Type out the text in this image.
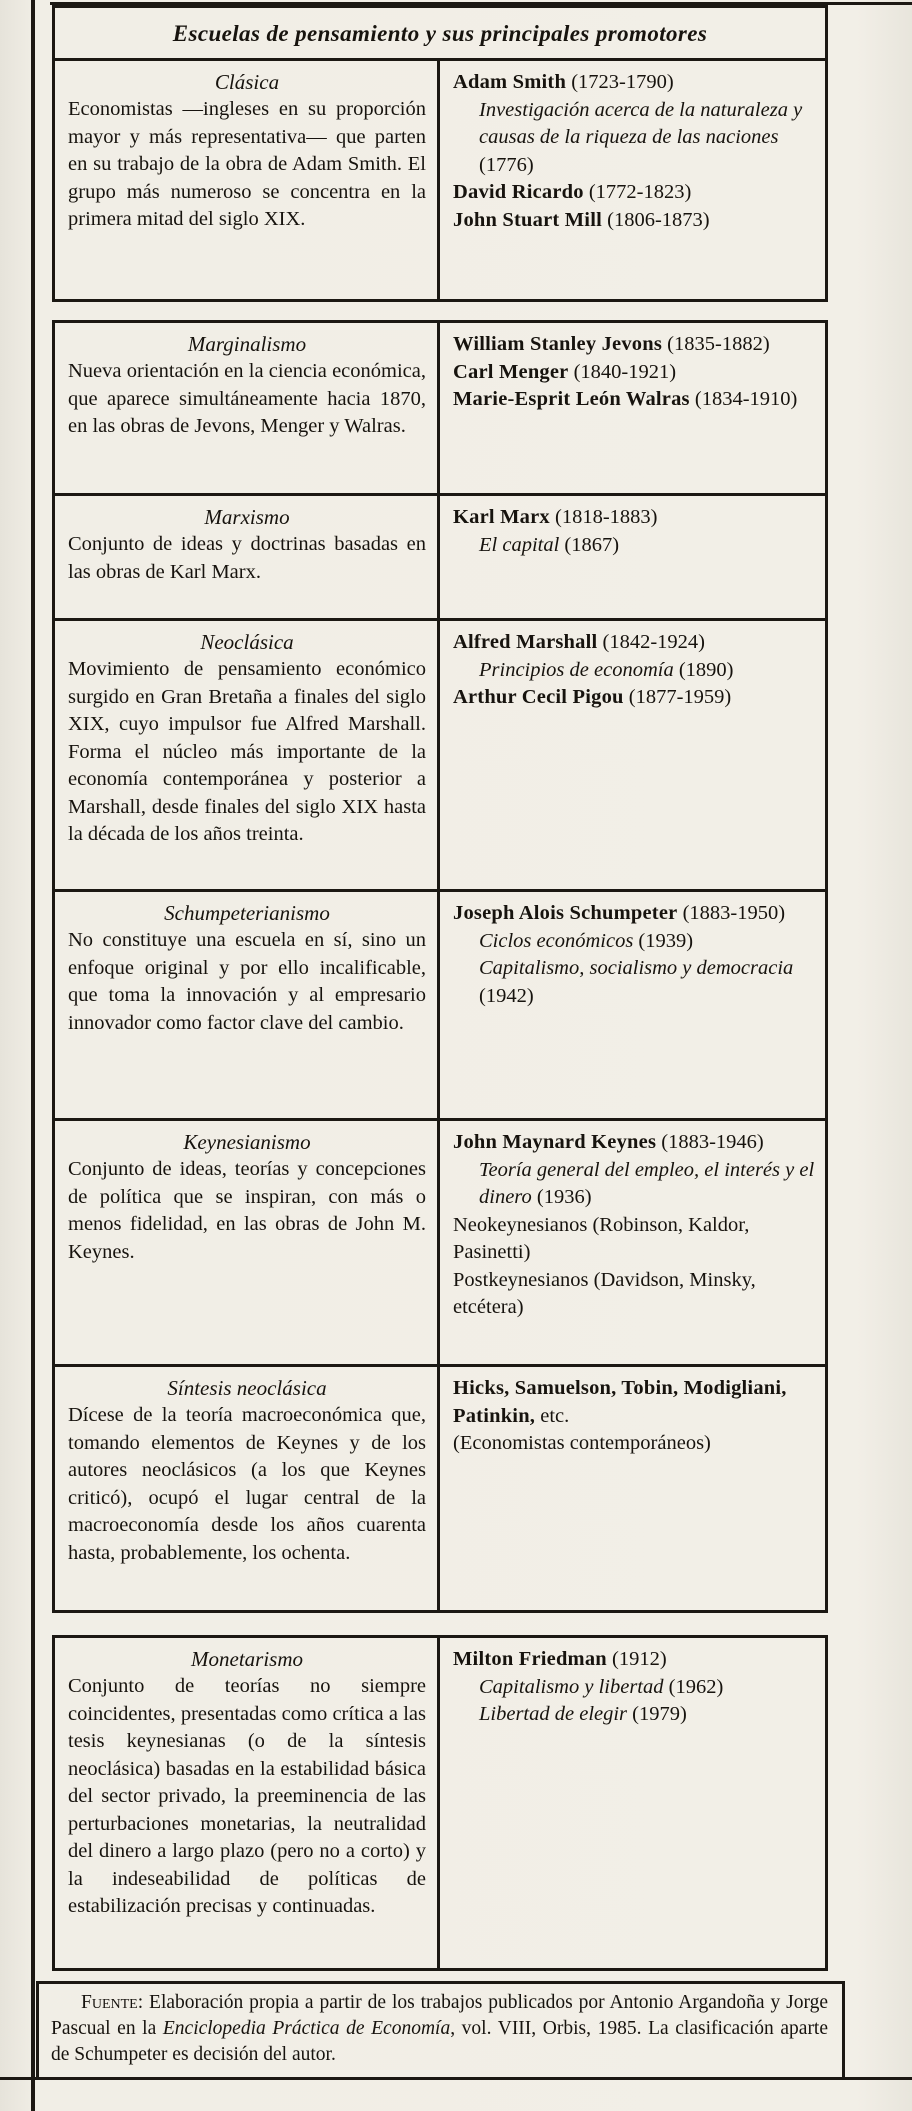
Escuelas de pensamiento y sus principales promotores
Clásica

Economistas —ingleses en su proporción mayor y más representativa— que parten en su trabajo de la obra de Adam Smith. El grupo más numeroso se concentra en la primera mitad del siglo XIX.

Adam Smith (1723-1790)
Investigación acerca de la naturaleza y causas de la riqueza de las naciones (1776)
David Ricardo (1772-1823)
John Stuart Mill (1806-1873)
Marginalismo

Nueva orientación en la ciencia económica, que aparece simultáneamente hacia 1870, en las obras de Jevons, Menger y Walras.

William Stanley Jevons (1835-1882)
Carl Menger (1840-1921)
Marie-Esprit León Walras (1834-1910)
Marxismo

Conjunto de ideas y doctrinas basadas en las obras de Karl Marx.

Karl Marx (1818-1883)
El capital (1867)
Neoclásica

Movimiento de pensamiento económico surgido en Gran Bretaña a finales del siglo XIX, cuyo impulsor fue Alfred Marshall. Forma el núcleo más importante de la economía contemporánea y posterior a Marshall, desde finales del siglo XIX hasta la década de los años treinta.

Alfred Marshall (1842-1924)
Principios de economía (1890)
Arthur Cecil Pigou (1877-1959)
Schumpeterianismo

No constituye una escuela en sí, sino un enfoque original y por ello incalificable, que toma la innovación y al empresario innovador como factor clave del cambio.

Joseph Alois Schumpeter (1883-1950)
Ciclos económicos (1939)
Capitalismo, socialismo y democracia (1942)
Keynesianismo

Conjunto de ideas, teorías y concepciones de política que se inspiran, con más o menos fidelidad, en las obras de John M. Keynes.

John Maynard Keynes (1883-1946)
Teoría general del empleo, el interés y el dinero (1936)
Neokeynesianos (Robinson, Kaldor, Pasinetti)
Postkeynesianos (Davidson, Minsky, etcétera)
Síntesis neoclásica

Dícese de la teoría macroeconómica que, tomando elementos de Keynes y de los autores neoclásicos (a los que Keynes criticó), ocupó el lugar central de la macroeconomía desde los años cuarenta hasta, probablemente, los ochenta.

Hicks, Samuelson, Tobin, Modigliani, Patinkin, etc.
(Economistas contemporáneos)
Monetarismo

Conjunto de teorías no siempre coincidentes, presentadas como crítica a las tesis keynesianas (o de la síntesis neoclásica) basadas en la estabilidad básica del sector privado, la preeminencia de las perturbaciones monetarias, la neutralidad del dinero a largo plazo (pero no a corto) y la indeseabilidad de políticas de estabilización precisas y continuadas.

Milton Friedman (1912)
Capitalismo y libertad (1962)
Libertad de elegir (1979)

Fuente: Elaboración propia a partir de los trabajos publicados por Antonio Argandoña y Jorge Pascual en la Enciclopedia Práctica de Economía, vol. VIII, Orbis, 1985. La clasificación aparte de Schumpeter es decisión del autor.
